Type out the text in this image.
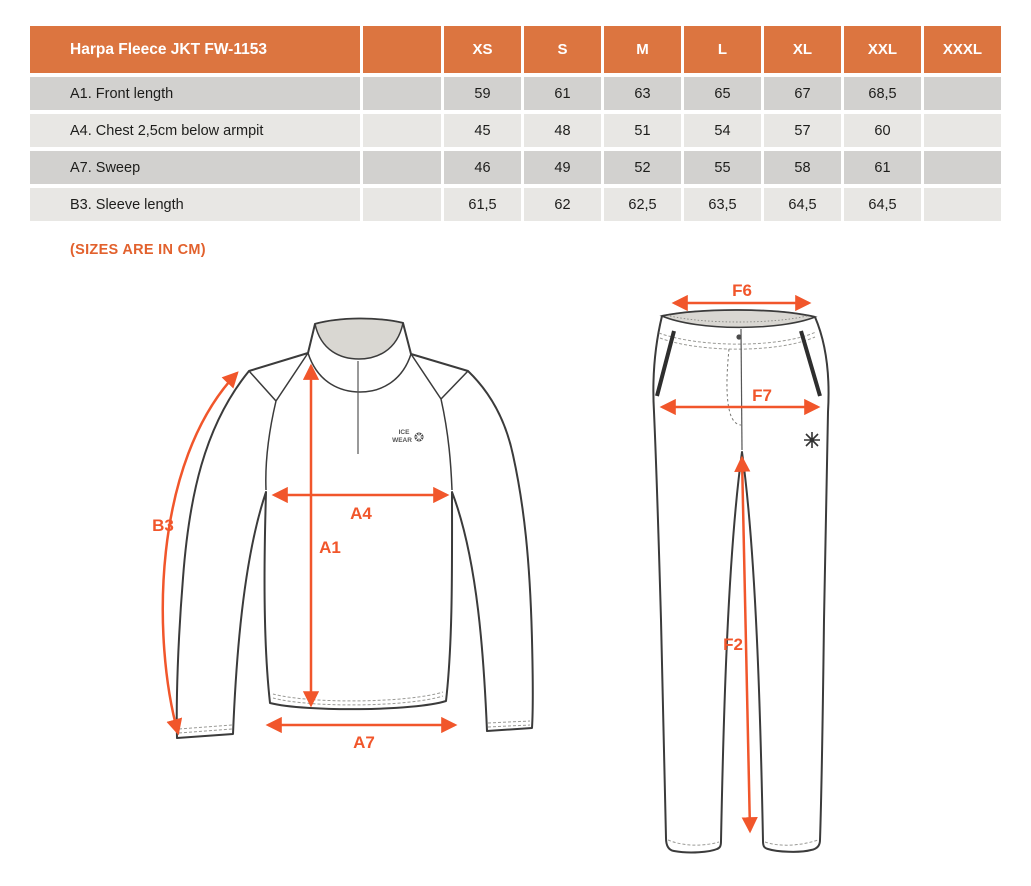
Harpa Fleece JKT FW-1153		XS	S	M	L	XL	XXL	XXXL
A1. Front length		59	61	63	65	67	68,5	
A4. Chest 2,5cm below armpit		45	48	51	54	57	60	
A7. Sweep		46	49	52	55	58	61	
B3. Sleeve length		61,5	62	62,5	63,5	64,5	64,5	
(SIZES ARE IN CM)
ICE
WEAR
B3
A1
A4
A7
F6
F7
F2
